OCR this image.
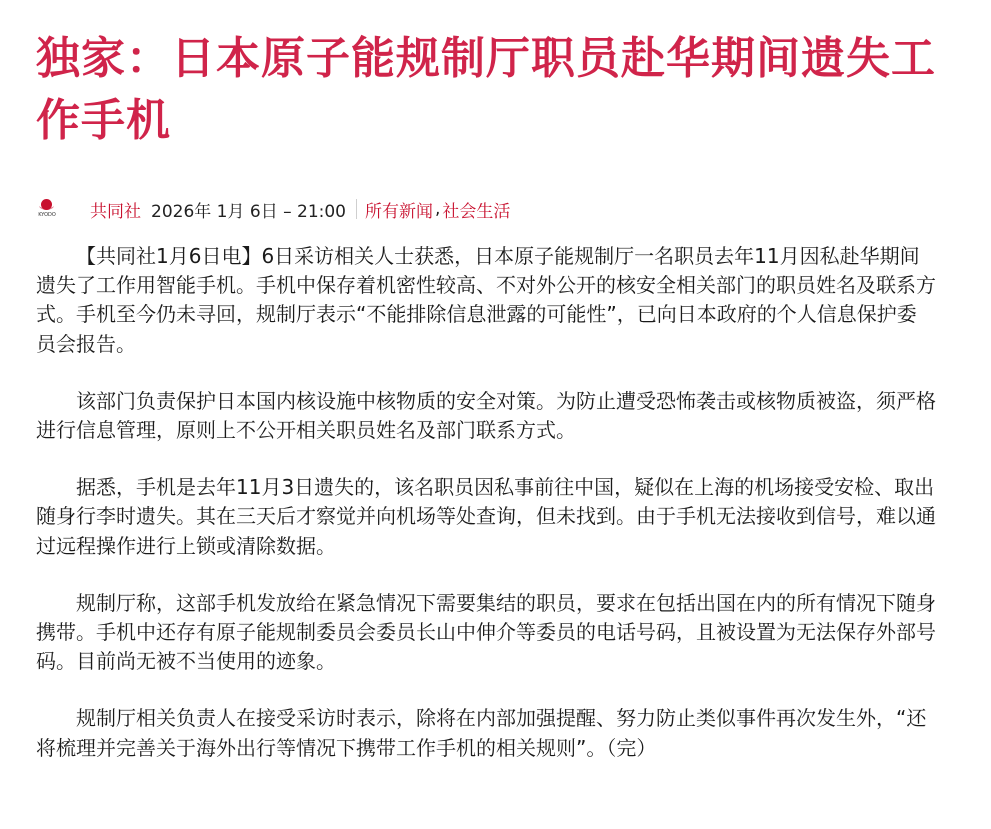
独家：日本原子能规制厅职员赴华期间遗失工作手机
KYODO 共同社 2026年 1月 6日 – 21:00 所有新闻 , 社会生活

【共同社1月6日电】6日采访相关人士获悉，日本原子能规制厅一名职员去年11月因私赴华期间遗失了工作用智能手机。手机中保存着机密性较高、不对外公开的核安全相关部门的职员姓名及联系方式。手机至今仍未寻回，规制厅表示“不能排除信息泄露的可能性”，已向日本政府的个人信息保护委员会报告。

该部门负责保护日本国内核设施中核物质的安全对策。为防止遭受恐怖袭击或核物质被盗，须严格进行信息管理，原则上不公开相关职员姓名及部门联系方式。

据悉，手机是去年11月3日遗失的，该名职员因私事前往中国，疑似在上海的机场接受安检、取出随身行李时遗失。其在三天后才察觉并向机场等处查询，但未找到。由于手机无法接收到信号，难以通过远程操作进行上锁或清除数据。

规制厅称，这部手机发放给在紧急情况下需要集结的职员，要求在包括出国在内的所有情况下随身携带。手机中还存有原子能规制委员会委员长山中伸介等委员的电话号码，且被设置为无法保存外部号码。目前尚无被不当使用的迹象。

规制厅相关负责人在接受采访时表示，除将在内部加强提醒、努力防止类似事件再次发生外，“还将梳理并完善关于海外出行等情况下携带工作手机的相关规则”。（完）
